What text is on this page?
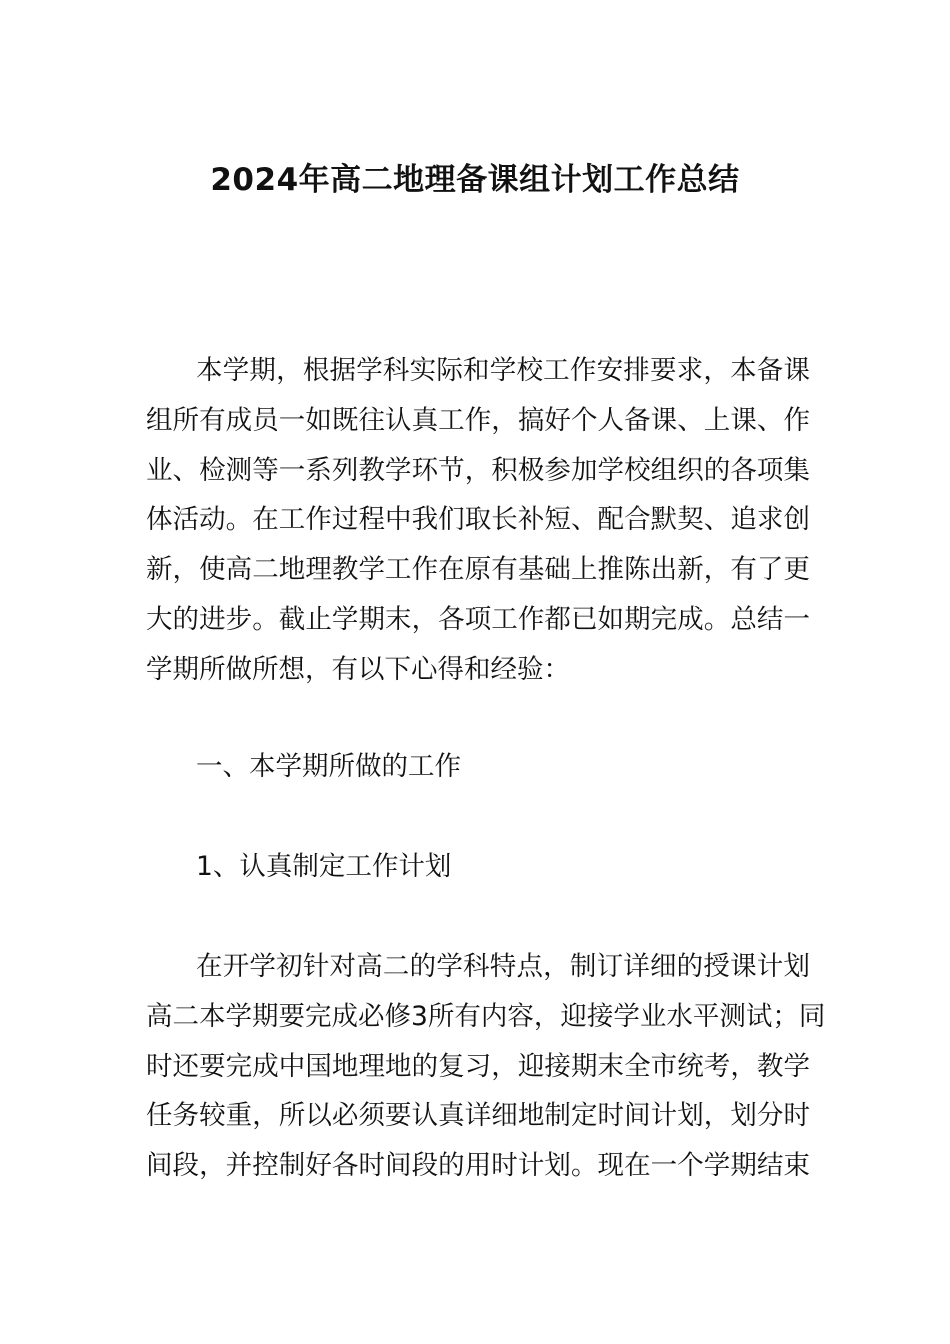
2024年高二地理备课组计划工作总结
本学期，根据学科实际和学校工作安排要求，本备课
组所有成员一如既往认真工作，搞好个人备课、上课、作
业、检测等一系列教学环节，积极参加学校组织的各项集
体活动。在工作过程中我们取长补短、配合默契、追求创
新，使高二地理教学工作在原有基础上推陈出新，有了更
大的进步。截止学期末，各项工作都已如期完成。总结一
学期所做所想，有以下心得和经验：
一、本学期所做的工作
1、认真制定工作计划
在开学初针对高二的学科特点，制订详细的授课计划
高二本学期要完成必修3所有内容，迎接学业水平测试；同
时还要完成中国地理地的复习，迎接期末全市统考，教学
任务较重，所以必须要认真详细地制定时间计划，划分时
间段，并控制好各时间段的用时计划。现在一个学期结束
